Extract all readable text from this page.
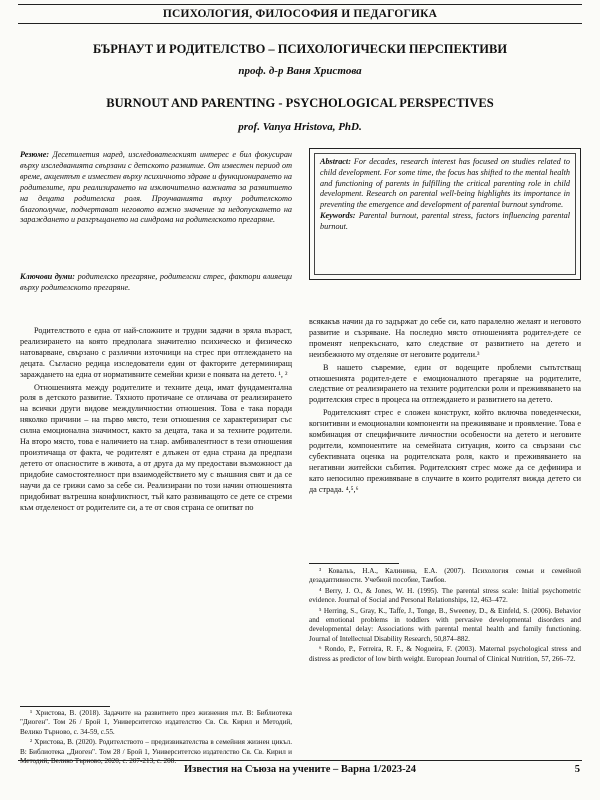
ПСИХОЛОГИЯ, ФИЛОСОФИЯ И ПЕДАГОГИКА
БЪРНАУТ И РОДИТЕЛСТВО – ПСИХОЛОГИЧЕСКИ ПЕРСПЕКТИВИ
проф. д-р Ваня Христова
BURNOUT AND PARENTING - PSYCHOLOGICAL PERSPECTIVES
prof. Vanya Hristova, PhD.
Резюме: Десетилетия наред, изследователският интерес е бил фокусиран върху изследванията свързани с детското развитие. От известен период от време, акцентът е изместен върху психичното здраве и функционирането на родителите, при реализирането на изключително важната за развитието на децата родителска роля. Проучванията върху родителското благополучие, подчертават неговото важно значение за недопускането на зараждането и разгръщането на синдрома на родителското прегаряне.
Ключови думи: родителско прегаряне, родителски стрес, фактори влияещи върху родителското прегаряне.
Abstract: For decades, research interest has focused on studies related to child development. For some time, the focus has shifted to the mental health and functioning of parents in fulfilling the critical parenting role in child development. Research on parental well-being highlights its importance in preventing the emergence and development of parental burnout syndrome.
Keywords: Parental burnout, parental stress, factors influencing parental burnout.

Родителството е една от най-сложните и трудни задачи в зряла възраст, реализирането на която предполага значително психическо и физическо натоварване, свързано с различни източници на стрес при отглеждането на децата. Съгласно редица изследователи един от факторите детерминиращ зараждането на една от нормативните семейни кризи е появата на детето. ¹, ²

Отношенията между родителите и техните деца, имат фундаментална роля в детското развитие. Тяхното протичане се отличава от реализирането на всички други видове междуличностни отношения. Това е така поради няколко причини – на първо място, тези отношения се характеризират със силна емоционална значимост, както за децата, така и за техните родители. На второ място, това е наличието на т.нар. амбивалентност в тези отношения произтичаща от факта, че родителят е длъжен от една страна да предпази детето от опасностите в живота, а от друга да му предостави възможност да придобие самостоятелност при взаимодействието му с външния свят и да се научи да се грижи само за себе си. Реализирани по този начин отношенията придобиват вътрешна конфликтност, тъй като развиващото се дете се стреми към отделеност от родителите си, а те от своя страна се опитват по

всякакъв начин да го задържат до себе си, като паралелно желаят и неговото развитие и съзряване. На последно място отношенията родител-дете се променят непрекъснато, като следствие от развитието на детето и неизбежното му отделяне от неговите родители.³

В нашето съвремие, един от водещите проблеми съпътстващ отношенията родител-дете е емоционалното прегаряне на родителите, следствие от реализирането на техните родителски роли и преживяването на родителския стрес в процеса на отглеждането и развитието на детето.

Родителският стрес е сложен конструкт, който включва поведенчески, когнитивни и емоционални компоненти на преживяване и проявление. Това е комбинация от специфичните личностни особености на детето и неговите родители, компонентите на семейната ситуация, които са свързани със субективната оценка на родителската роля, както и преживяването на негативни житейски събития. Родителският стрес може да се дефинира и като непосилно преживяване в случаите в които родителят вижда детето си да страда. ⁴,⁵,⁶

¹ Христова, В. (2018). Задачите на развитието през жизнения път. В: Библиотека "Диоген". Том 26 / Брой 1, Университетско издателство Св. Св. Кирил и Методий, Велико Търново, с. 34-59, с.55.

² Христова, В. (2020). Родителството – предизвикателства в семейния жизнен цикъл. В: Библиотека „Диоген". Том 28 / Брой 1, Университетско издателство Св. Св. Кирил и Методий, Велико Търново, 2020, с. 207-213, с. 208.

³ Ковальъ, Н.А., Калинина, Е.А. (2007). Психология семьи и семейной дезадаптивности. Учебной пособие, Тамбов.

⁴ Berry, J. O., & Jones, W. H. (1995). The parental stress scale: Initial psychometric evidence. Journal of Social and Personal Relationships, 12, 463–472.

⁵ Herring, S., Gray, K., Taffe, J., Tonge, B., Sweeney, D., & Einfeld, S. (2006). Behavior and emotional problems in toddlers with pervasive developmental disorders and developmental delay: Associations with parental mental health and family functioning. Journal of Intellectual Disability Research, 50,874–882.

⁶ Rondo, P., Ferreira, R. F., & Nogueira, F. (2003). Maternal psychological stress and distress as predictor of low birth weight. European Journal of Clinical Nutrition, 57, 266–72.

Известия на Съюза на учените – Варна 1/2023-24	5
